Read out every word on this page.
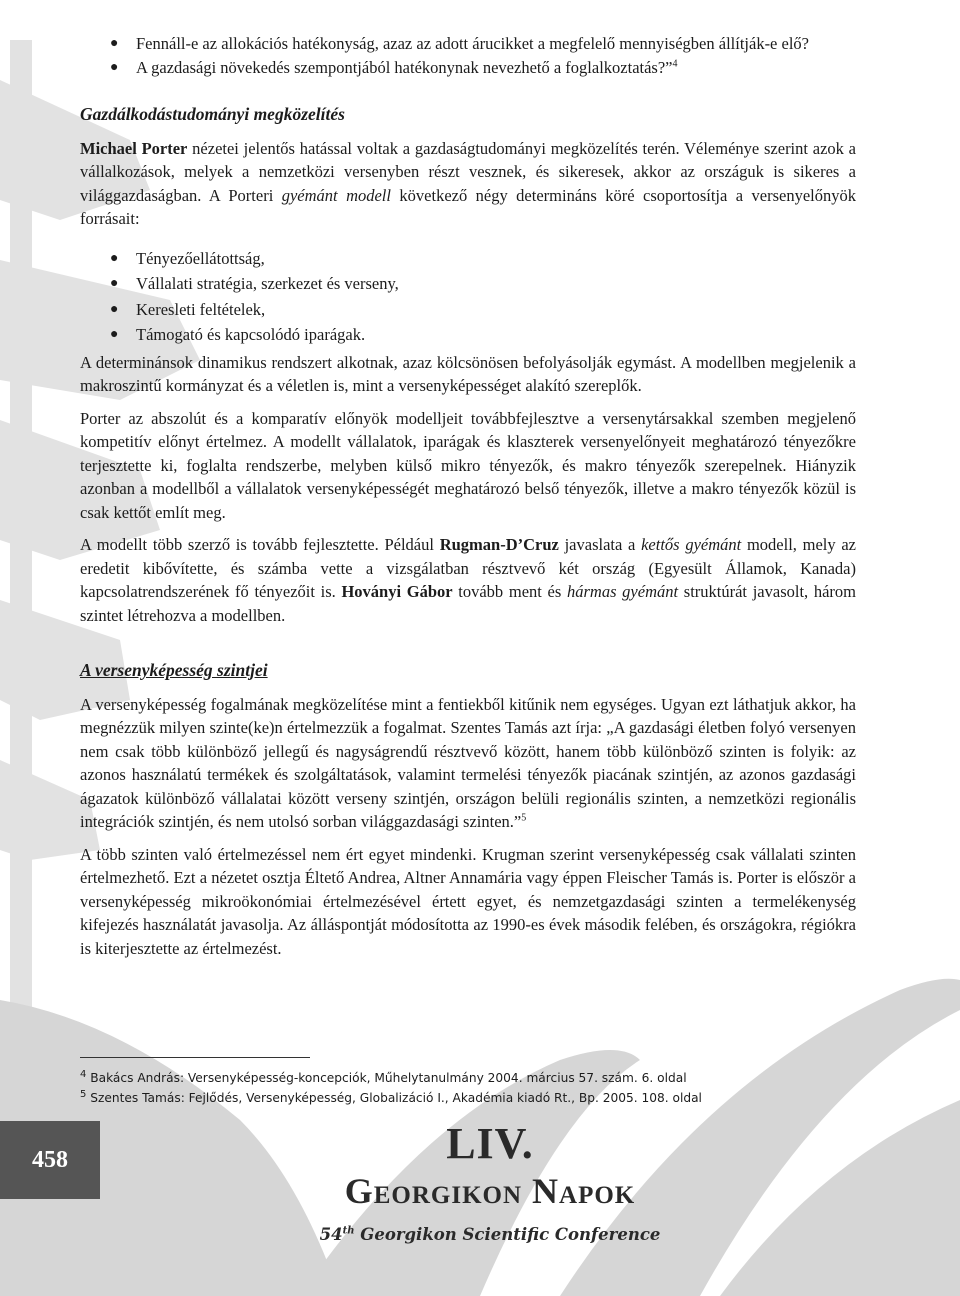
● Fennáll-e az allokációs hatékonyság, azaz az adott árucikket a megfelelő mennyiségben állítják-e elő?
● A gazdasági növekedés szempontjából hatékonynak nevezhető a foglalkoztatás?”$^4$
Gazdálkodástudományi megközelítés

Michael Porter nézetei jelentős hatással voltak a gazdaságtudományi megközelítés terén. Véleménye szerint azok a vállalkozások, melyek a nemzetközi versenyben részt vesznek, és sikeresek, akkor az országuk is sikeres a világgazdaságban. A Porteri gyémánt modell következő négy determináns köré csoportosítja a versenyelőnyök forrásait:

● Tényezőellátottság,
● Vállalati stratégia, szerkezet és verseny,
● Keresleti feltételek,
● Támogató és kapcsolódó iparágak.

A determinánsok dinamikus rendszert alkotnak, azaz kölcsönösen befolyásolják egymást. A modellben megjelenik a makroszintű kormányzat és a véletlen is, mint a versenyképességet alakító szereplők.

Porter az abszolút és a komparatív előnyök modelljeit továbbfejlesztve a versenytársakkal szemben megjelenő kompetitív előnyt értelmez. A modellt vállalatok, iparágak és klaszterek versenyelőnyeit meghatározó tényezőkre terjesztette ki, foglalta rendszerbe, melyben külső mikro tényezők, és makro tényezők szerepelnek. Hiányzik azonban a modellből a vállalatok versenyképességét meghatározó belső tényezők, illetve a makro tényezők közül is csak kettőt említ meg.

A modellt több szerző is tovább fejlesztette. Például Rugman-D’Cruz javaslata a kettős gyémánt modell, mely az eredetit kibővítette, és számba vette a vizsgálatban résztvevő két ország (Egyesült Államok, Kanada) kapcsolatrendszerének fő tényezőit is. Hoványi Gábor tovább ment és hármas gyémánt struktúrát javasolt, három szintet létrehozva a modellben.

A versenyképesség szintjei

A versenyképesség fogalmának megközelítése mint a fentiekből kitűnik nem egységes. Ugyan ezt láthatjuk akkor, ha megnézzük milyen szinte(ke)n értelmezzük a fogalmat. Szentes Tamás azt írja: „A gazdasági életben folyó versenyen nem csak több különböző jellegű és nagyságrendű résztvevő között, hanem több különböző szinten is folyik: az azonos használatú termékek és szolgáltatások, valamint termelési tényezők piacának szintjén, az azonos gazdasági ágazatok különböző vállalatai között verseny szintjén, országon belüli regionális szinten, a nemzetközi regionális integrációk szintjén, és nem utolsó sorban világgazdasági szinten.”$^5$

A több szinten való értelmezéssel nem ért egyet mindenki. Krugman szerint versenyképesség csak vállalati szinten értelmezhető. Ezt a nézetet osztja Éltető Andrea, Altner Annamária vagy éppen Fleischer Tamás is. Porter is először a versenyképesség mikroökonómiai értelmezésével értett egyet, és nemzetgazdasági szinten a termelékenység kifejezés használatát javasolja. Az álláspontját módosította az 1990-es évek második felében, és országokra, régiókra is kiterjesztette az értelmezést.

$^4$ Bakács András: Versenyképesség-koncepciók, Műhelytanulmány 2004. március 57. szám. 6. oldal
$^5$ Szentes Tamás: Fejlődés, Versenyképesség, Globalizáció I., Akadémia kiadó Rt., Bp. 2005. 108. oldal
458	LIV.
Georgikon Napok
54th Georgikon Scientific Conference
